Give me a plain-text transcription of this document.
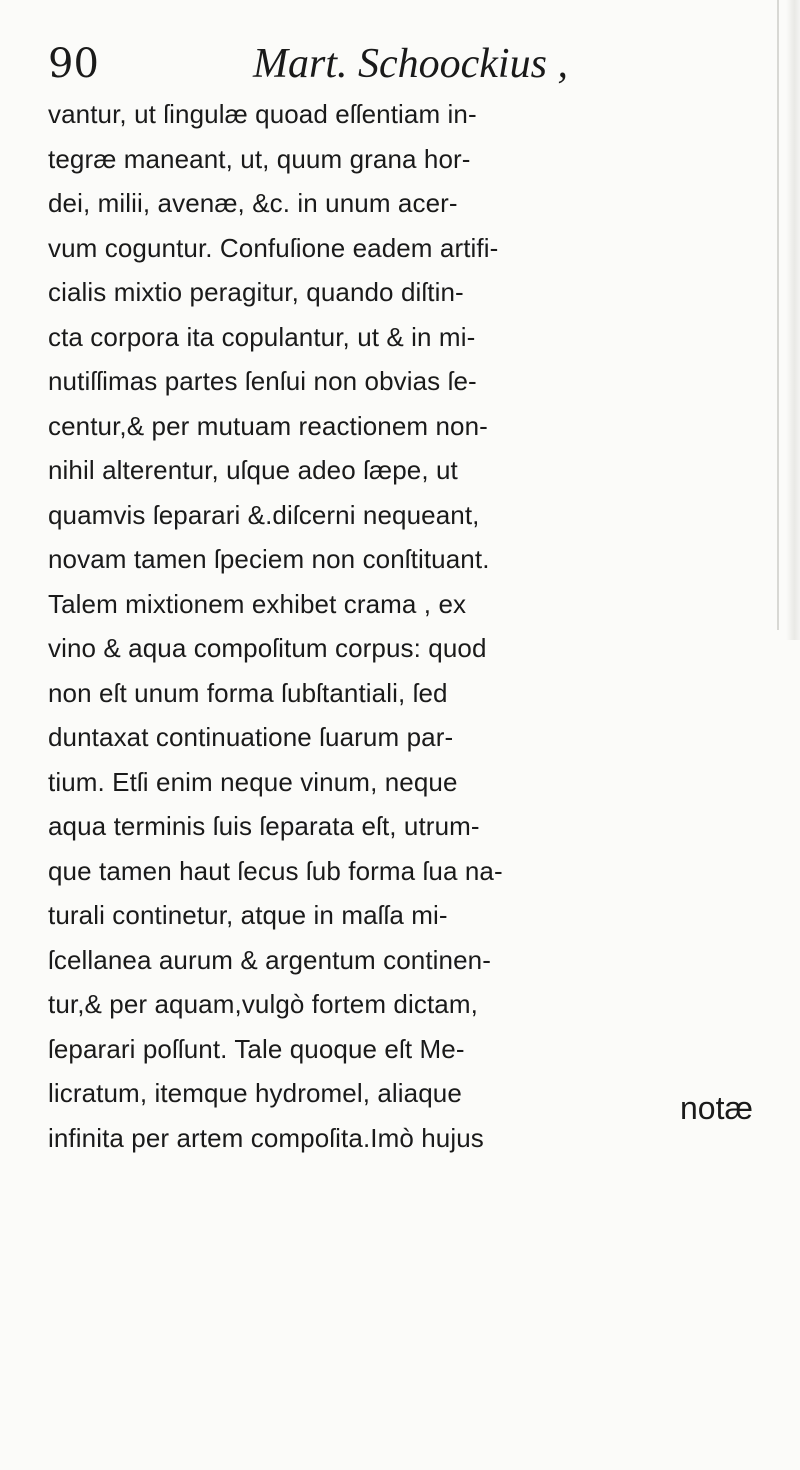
90	Mart. Schoockius ,
vantur, ut ſingulæ quoad eſſentiam in-
tegræ maneant, ut, quum grana hor-
dei, milii, avenæ, &c. in unum acer-
vum coguntur. Confuſione eadem artifi-
cialis mixtio peragitur, quando diſtin-
cta corpora ita copulantur, ut & in mi-
nutiſſimas partes ſenſui non obvias ſe-
centur,& per mutuam reactionem non-
nihil alterentur, uſque adeo ſæpe, ut
quamvis ſeparari &.diſcerni nequeant,
novam tamen ſpeciem non conſtituant.
Talem mixtionem exhibet crama , ex
vino & aqua compoſitum corpus: quod
non eſt unum forma ſubſtantiali, ſed
duntaxat continuatione ſuarum par-
tium. Etſi enim neque vinum, neque
aqua terminis ſuis ſeparata eſt, utrum-
que tamen haut ſecus ſub forma ſua na-
turali continetur, atque in maſſa mi-
ſcellanea aurum & argentum continen-
tur,& per aquam,vulgò fortem dictam,
ſeparari poſſunt. Tale quoque eſt Me-
licratum, itemque hydromel, aliaque
infinita per artem compoſita.Imò hujus
notæ
